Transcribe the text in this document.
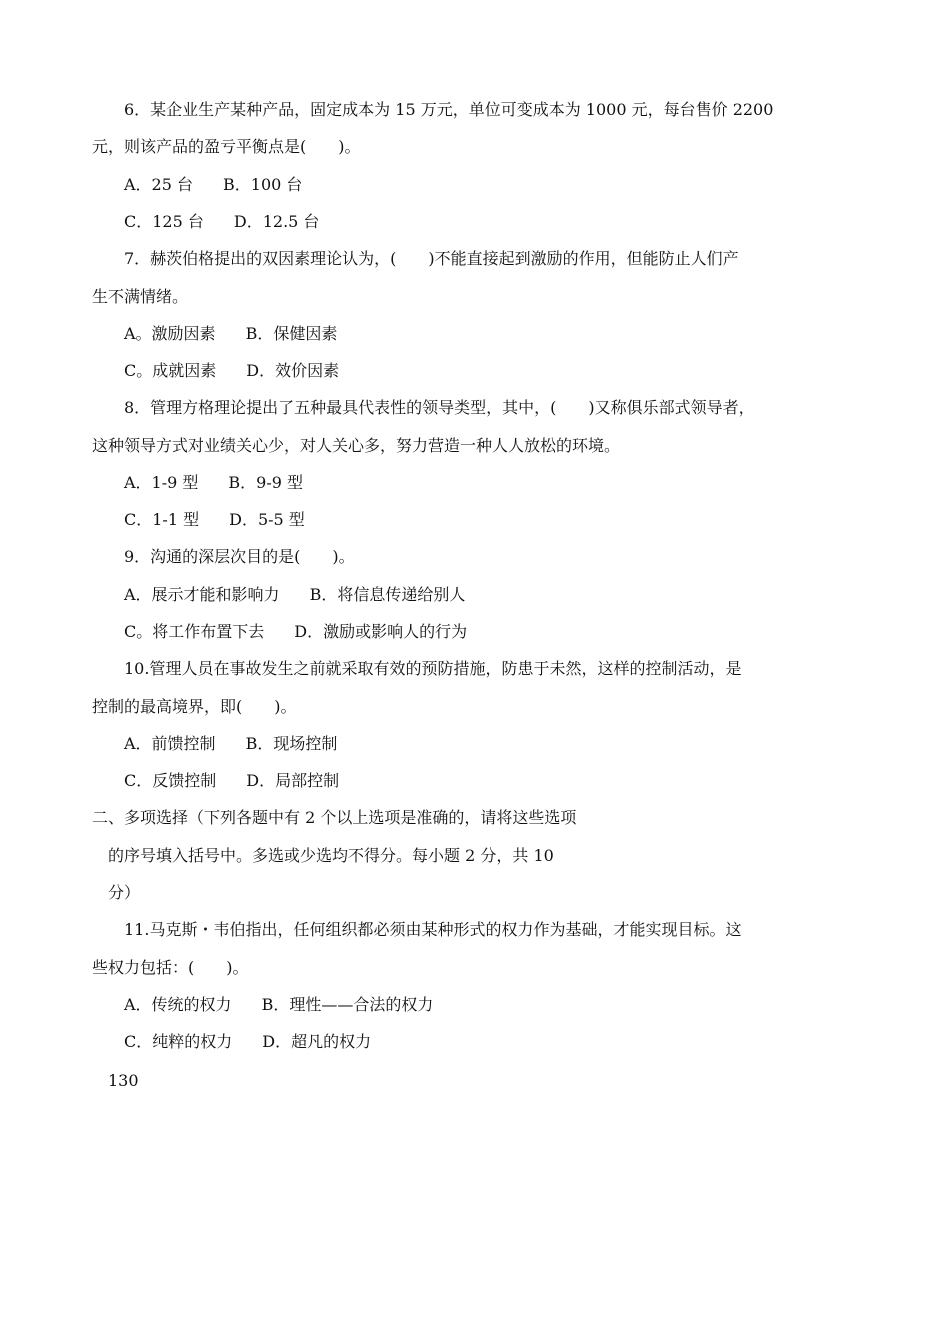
6．某企业生产某种产品，固定成本为 15 万元，单位可变成本为 1000 元，每台售价 2200
元，则该产品的盈亏平衡点是(　　)。
A．25 台 B．100 台
C．125 台 D．12.5 台
7．赫茨伯格提出的双因素理论认为，(　　)不能直接起到激励的作用，但能防止人们产
生不满情绪。
A。激励因素 B．保健因素
C。成就因素 D．效价因素
8．管理方格理论提出了五种最具代表性的领导类型，其中，(　　)又称俱乐部式领导者，
这种领导方式对业绩关心少，对人关心多，努力营造一种人人放松的环境。
A．1-9 型 B．9-9 型
C．1-1 型 D．5-5 型
9．沟通的深层次目的是(　　)。
A．展示才能和影响力 B．将信息传递给别人
C。将工作布置下去 D．激励或影响人的行为
10.管理人员在事故发生之前就采取有效的预防措施，防患于未然，这样的控制活动，是
控制的最高境界，即(　　)。
A．前馈控制 B．现场控制
C．反馈控制 D．局部控制
二、多项选择（下列各题中有 2 个以上选项是准确的，请将这些选项
的序号填入括号中。多选或少选均不得分。每小题 2 分，共 10
分）
11.马克斯・韦伯指出，任何组织都必须由某种形式的权力作为基础，才能实现目标。这
些权力包括：(　　)。
A．传统的权力 B．理性——合法的权力
C．纯粹的权力 D．超凡的权力
130
